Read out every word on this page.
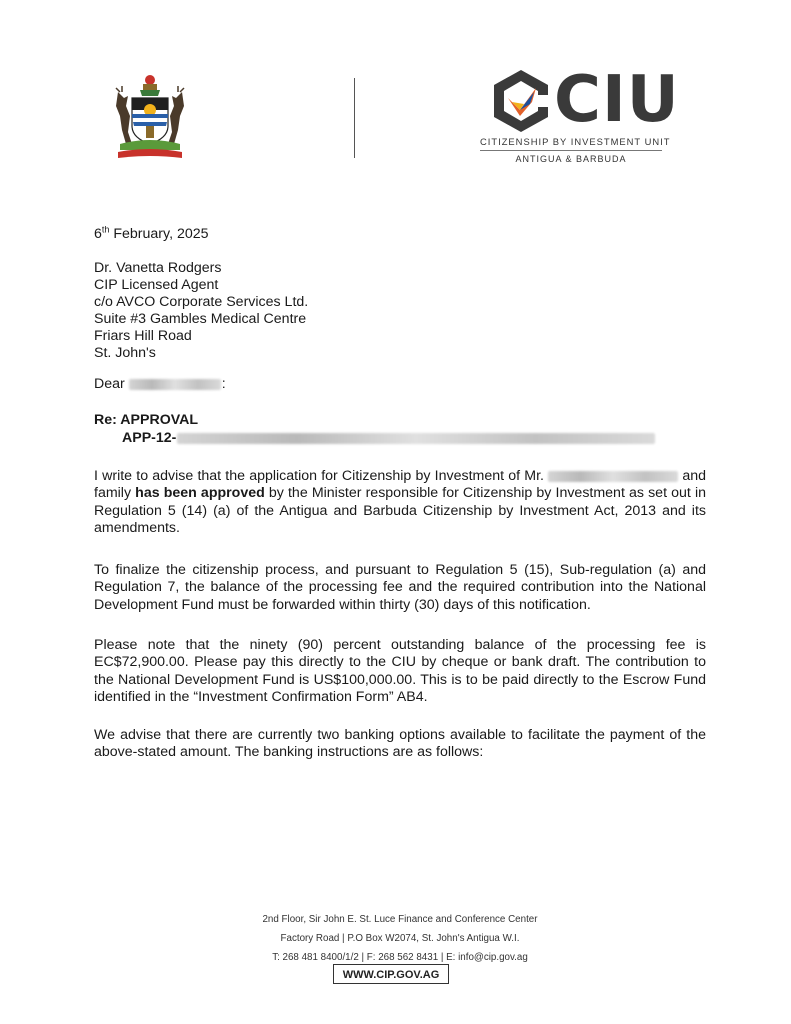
CIU
CITIZENSHIP BY INVESTMENT UNIT
ANTIGUA & BARBUDA
6th February, 2025
Dr. Vanetta Rodgers
CIP Licensed Agent
c/o AVCO Corporate Services Ltd.
Suite #3 Gambles Medical Centre
Friars Hill Road
St. John's
Dear	:
Re: APPROVAL
APP-12-
I write to advise that the application for Citizenship by Investment of Mr.	and family has been approved by the Minister responsible for Citizenship by Investment as set out in Regulation 5 (14) (a) of the Antigua and Barbuda Citizenship by Investment Act, 2013 and its amendments.
To finalize the citizenship process, and pursuant to Regulation 5 (15), Sub-regulation (a) and Regulation 7, the balance of the processing fee and the required contribution into the National Development Fund must be forwarded within thirty (30) days of this notification.
Please note that the ninety (90) percent outstanding balance of the processing fee is EC$72,900.00. Please pay this directly to the CIU by cheque or bank draft. The contribution to the National Development Fund is US$100,000.00. This is to be paid directly to the Escrow Fund identified in the “Investment Confirmation Form” AB4.
We advise that there are currently two banking options available to facilitate the payment of the above-stated amount. The banking instructions are as follows:
2nd Floor, Sir John E. St. Luce Finance and Conference Center
Factory Road | P.O Box W2074, St. John's Antigua W.I.
T: 268 481 8400/1/2 | F: 268 562 8431 | E: info@cip.gov.ag
WWW.CIP.GOV.AG
